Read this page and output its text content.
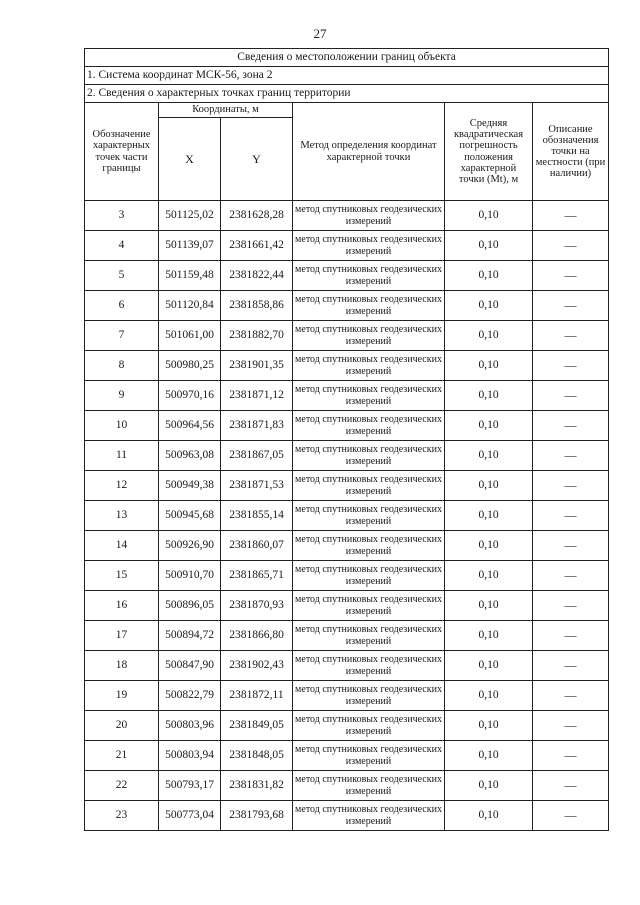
27
Сведения о местоположении границ объекта					
1. Система координат МСК-56, зона 2					
2. Сведения о характерных точках границ территории					
Обозначение характерных точек части границы	Координаты, м		Метод определения координат характерной точки	Средняя квадратическая погрешность положения характерной точки (Mt), м	Описание обозначения точки на местности (при наличии)
	X	Y			
3	501125,02	2381628,28	метод спутниковых геодезических измерений	0,10	—
4	501139,07	2381661,42	метод спутниковых геодезических измерений	0,10	—
5	501159,48	2381822,44	метод спутниковых геодезических измерений	0,10	—
6	501120,84	2381858,86	метод спутниковых геодезических измерений	0,10	—
7	501061,00	2381882,70	метод спутниковых геодезических измерений	0,10	—
8	500980,25	2381901,35	метод спутниковых геодезических измерений	0,10	—
9	500970,16	2381871,12	метод спутниковых геодезических измерений	0,10	—
10	500964,56	2381871,83	метод спутниковых геодезических измерений	0,10	—
11	500963,08	2381867,05	метод спутниковых геодезических измерений	0,10	—
12	500949,38	2381871,53	метод спутниковых геодезических измерений	0,10	—
13	500945,68	2381855,14	метод спутниковых геодезических измерений	0,10	—
14	500926,90	2381860,07	метод спутниковых геодезических измерений	0,10	—
15	500910,70	2381865,71	метод спутниковых геодезических измерений	0,10	—
16	500896,05	2381870,93	метод спутниковых геодезических измерений	0,10	—
17	500894,72	2381866,80	метод спутниковых геодезических измерений	0,10	—
18	500847,90	2381902,43	метод спутниковых геодезических измерений	0,10	—
19	500822,79	2381872,11	метод спутниковых геодезических измерений	0,10	—
20	500803,96	2381849,05	метод спутниковых геодезических измерений	0,10	—
21	500803,94	2381848,05	метод спутниковых геодезических измерений	0,10	—
22	500793,17	2381831,82	метод спутниковых геодезических измерений	0,10	—
23	500773,04	2381793,68	метод спутниковых геодезических измерений	0,10	—
